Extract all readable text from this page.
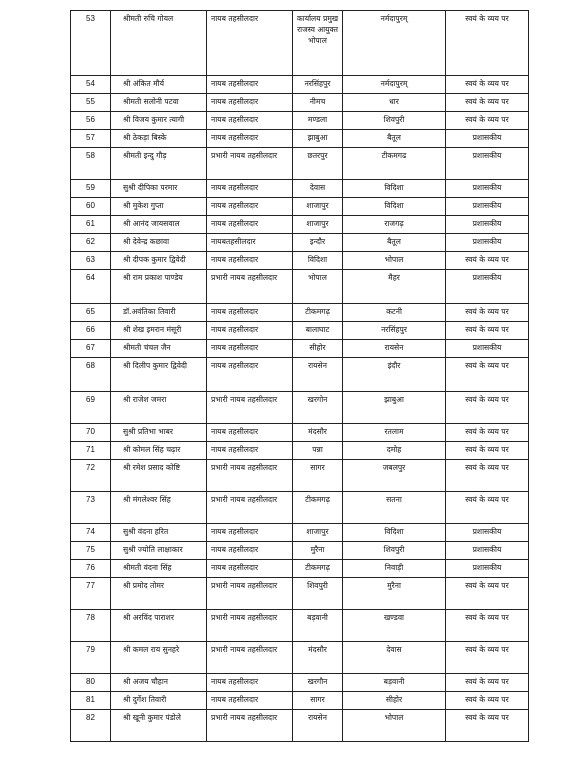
53	श्रीमती रुचि गोयल	नायब तहसीलदार	कार्यालय प्रमुख राजस्व आयुक्त भोपाल	नर्मदापुरम्	स्वयं के व्यय पर
54	श्री अंकित मौर्य	नायब तहसीलदार	नरसिंहपुर	नर्मदापुरम्	स्वयं के व्यय पर
55	श्रीमती सलोनी पटवा	नायब तहसीलदार	नीमच	धार	स्वयं के व्यय पर
56	श्री विजय कुमार त्यागी	नायब तहसीलदार	मण्डला	शिवपुरी	स्वयं के व्यय पर
57	श्री ठेकड़ा बिस्के	नायब तहसीलदार	झाबुआ	बैतूल	प्रशासकीय
58	श्रीमती इन्दु गौड़	प्रभारी नायब तहसीलदार	छतरपुर	टीकमगढ	प्रशासकीय
59	सुश्री दीपिका परमार	नायब तहसीलदार	देवास	विदिशा	प्रशासकीय
60	श्री मुकेश गुप्ता	नायब तहसीलदार	शाजापुर	विदिशा	प्रशासकीय
61	श्री आनंद जायसवाल	नायब तहसीलदार	शाजापुर	राजगढ़	प्रशासकीय
62	श्री देवेन्द्र कछावा	नायबतहसीलदार	इन्दौर	बैतूल	प्रशासकीय
63	श्री दीपक कुमार द्विवेदी	नायब तहसीलदार	विदिशा	भोपाल	स्वयं के व्यय पर
64	श्री राम प्रकाश पाण्डेय	प्रभारी नायब तहसीलदार	भोपाल	मैहर	प्रशासकीय
65	डॉ.अवंतिका तिवारी	नायब तहसीलदार	टीकमगढ़	कटनी	स्वयं के व्यय पर
66	श्री शेख इमरान मंसूरी	नायब तहसीलदार	बालाघाट	नरसिंहपुर	स्वयं के व्यय पर
67	श्रीमती चंचल जैन	नायब तहसीलदार	सीहोर	रायसेन	प्रशासकीय
68	श्री दिलीप कुमार द्विवेदी	नायब तहसीलदार	रायसेन	इंदौर	स्वयं के व्यय पर
69	श्री राजेश जमरा	प्रभारी नायब तहसीलदार	खरगोन	झाबुआ	स्वयं के व्यय पर
70	सुश्री प्रतिभा भाबर	नायब तहसीलदार	मंदसौर	रतलाम	स्वयं के व्यय पर
71	श्री कोमल सिंह चढ़ार	नायब तहसीलदार	पन्ना	दमोह	स्वयं के व्यय पर
72	श्री रमेश प्रसाद कोष्टि	प्रभारी नायब तहसीलदार	सागर	जबलपुर	स्वयं के व्यय पर
73	श्री मंगलेश्वर सिंह	प्रभारी नायब तहसीलदार	टीकमगढ़	सतना	स्वयं के व्यय पर
74	सुश्री वंदना हरित	नायब तहसीलदार	शाजापुर	विदिशा	प्रशासकीय
75	सुश्री ज्योति लाक्षाकार	नायब तहसीलदार	मुरैना	शिवपुरी	प्रशासकीय
76	श्रीमती वंदना सिंह	नायब तहसीलदार	टीकमगढ़	निवाड़ी	प्रशासकीय
77	श्री प्रमोद तोमर	प्रभारी नायब तहसीलदार	शिवपुरी	मुरैना	स्वयं के व्यय पर
78	श्री अरविंद पाराशर	प्रभारी नायब तहसीलदार	बड़वानी	खण्डवा	स्वयं के व्यय पर
79	श्री कमल राय सुनहरे	प्रभारी नायब तहसीलदार	मंदसौर	देवास	स्वयं के व्यय पर
80	श्री अजय चौहान	नायब तहसीलदार	खरगौन	बड़वानी	स्वयं के व्यय पर
81	श्री दुर्गेश तिवारी	नायब तहसीलदार	सागर	सीहोर	स्वयं के व्यय पर
82	श्री खूनी कुमार पंडोले	प्रभारी नायब तहसीलदार	रायसेन	भोपाल	स्वयं के व्यय पर
